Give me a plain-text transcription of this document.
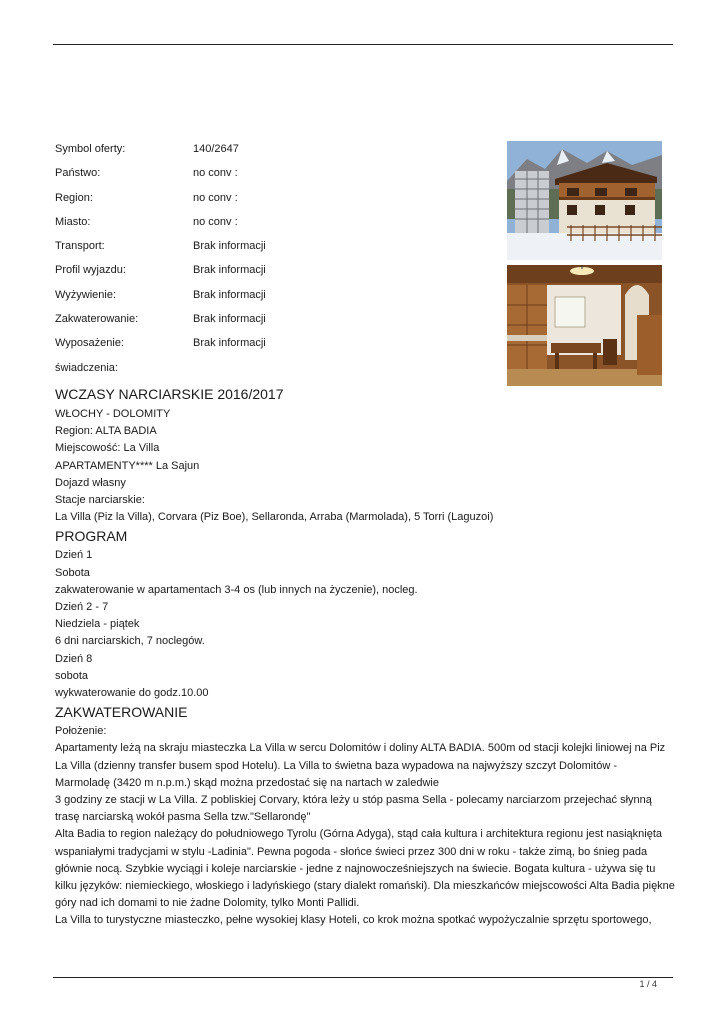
Symbol oferty:	140/2647
Państwo:	no conv :
Region:	no conv :
Miasto:	no conv :
Transport:	Brak informacji
Profil wyjazdu:	Brak informacji
Wyżywienie:	Brak informacji
Zakwaterowanie:	Brak informacji
Wyposażenie:	Brak informacji
świadczenia:
WCZASY NARCIARSKIE 2016/2017

WŁOCHY - DOLOMITY

Region: ALTA BADIA

Miejscowość: La Villa

APARTAMENTY**** La Sajun

Dojazd własny

Stacje narciarskie:

La Villa (Piz la Villa), Corvara (Piz Boe), Sellaronda, Arraba (Marmolada), 5 Torri (Laguzoi)

PROGRAM

Dzień 1

Sobota

zakwaterowanie w apartamentach 3-4 os (lub innych na życzenie), nocleg.

Dzień 2 - 7

Niedziela - piątek

6 dni narciarskich, 7 noclegów.

Dzień 8

sobota

wykwaterowanie do godz.10.00

ZAKWATEROWANIE

Położenie:

Apartamenty leżą na skraju miasteczka La Villa w sercu Dolomitów i doliny ALTA BADIA. 500m od stacji kolejki liniowej na Piz La Villa (dzienny transfer busem spod Hotelu). La Villa to świetna baza wypadowa na najwyższy szczyt Dolomitów - Marmoladę (3420 m n.p.m.) skąd można przedostać się na nartach w zaledwie

3 godziny ze stacji w La Villa. Z pobliskiej Corvary, która leży u stóp pasma Sella - polecamy narciarzom przejechać słynną trasę narciarską wokół pasma Sella tzw."Sellarondę"

Alta Badia to region należący do południowego Tyrolu (Górna Adyga), stąd cała kultura i architektura regionu jest nasiąknięta wspaniałymi tradycjami w stylu -Ladinia". Pewna pogoda - słońce świeci przez 300 dni w roku - także zimą, bo śnieg pada głównie nocą. Szybkie wyciągi i koleje narciarskie - jedne z najnowocześniejszych na świecie. Bogata kultura - używa się tu kilku języków: niemieckiego, włoskiego i ladyńskiego (stary dialekt romański). Dla mieszkańców miejscowości Alta Badia piękne góry nad ich domami to nie żadne Dolomity, tylko Monti Pallidi.

La Villa to turystyczne miasteczko, pełne wysokiej klasy Hoteli, co krok można spotkać wypożyczalnie sprzętu sportowego,

1 / 4
